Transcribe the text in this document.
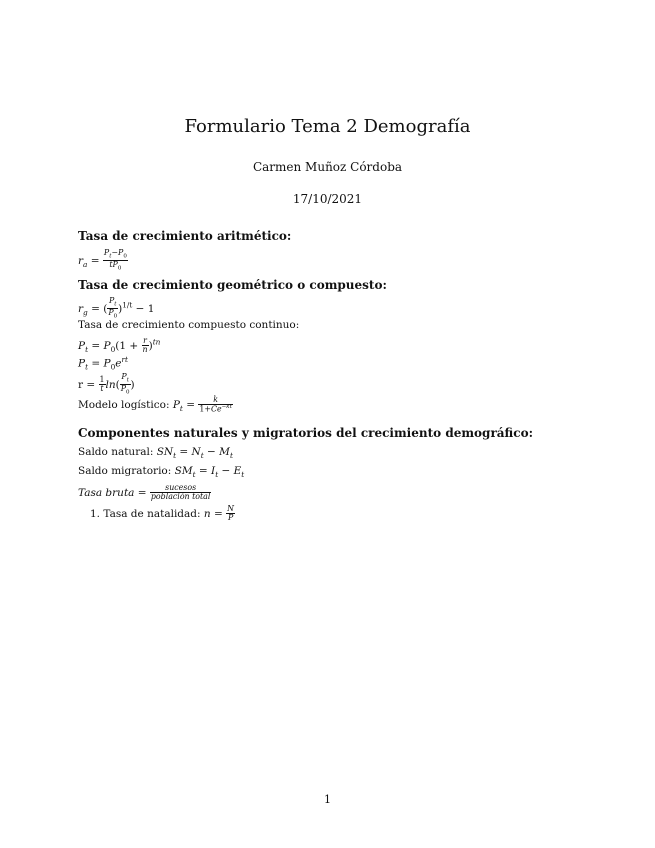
Formulario Tema 2 Demografía
Carmen Muñoz Córdoba
17/10/2021
Tasa de crecimiento aritmético:
$r_a = \frac{P_t-P_0}{tP_0}$
Tasa de crecimiento geométrico o compuesto:
$r_g$ = ( $\frac{P_t}{P_0} )^{1/t} - 1$
Tasa de crecimiento compuesto continuo:
$P_t = P_0(1 + \frac{r}{n} )^{tn}$
$P_t = P_0e^{rt}$
$r = \frac{1}{t} \ln( \frac{P_t}{P_0}$ )
Modelo logístico: $P_t = \frac{k}{1+Ce^{-kt}}$
Componentes naturales y migratorios del crecimiento demográfico:
Saldo natural: $SN_t = N_t - M_t$
Saldo migratorio: $SM_t = I_t - E_t$
Tasa bruta = $\frac{\text{sucesos}}{\text{población total}}$
1. Tasa de natalidad: $n = \frac{N}{P}$
1
